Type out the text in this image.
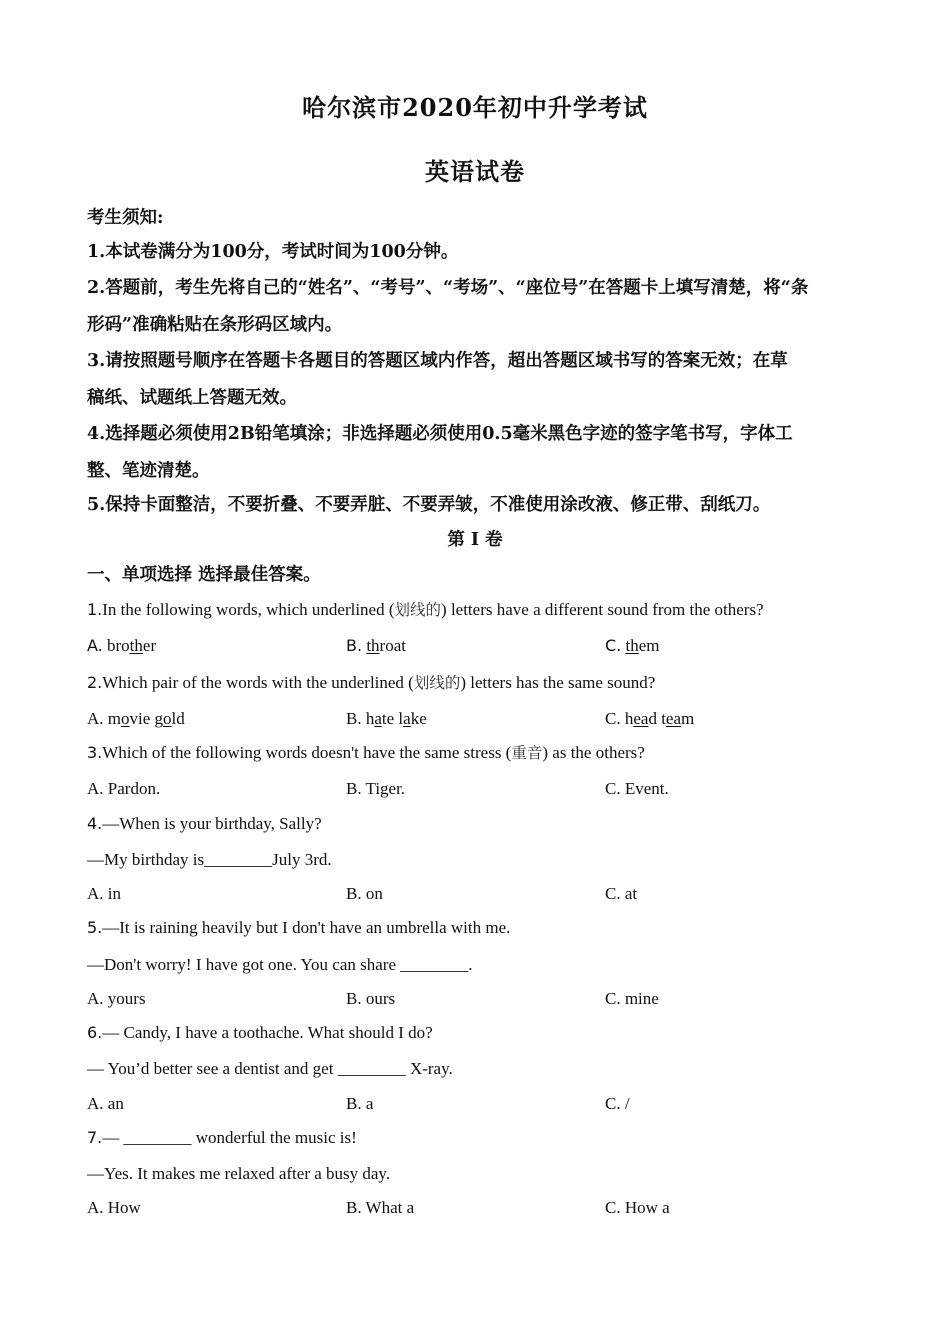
哈尔滨市2020年初中升学考试
英语试卷
考生须知:
1.本试卷满分为100分，考试时间为100分钟。
2.答题前，考生先将自己的“姓名”、“考号”、“考场”、“座位号”在答题卡上填写清楚，将“条
形码”准确粘贴在条形码区域内。
3.请按照题号顺序在答题卡各题目的答题区域内作答，超出答题区域书写的答案无效；在草
稿纸、试题纸上答题无效。
4.选择题必须使用2B铅笔填涂；非选择题必须使用0.5毫米黑色字迹的签字笔书写，字体工
整、笔迹清楚。
5.保持卡面整洁，不要折叠、不要弄脏、不要弄皱，不准使用涂改液、修正带、刮纸刀。
第 I 卷
一、单项选择 选择最佳答案。
1.In the following words, which underlined (划线的) letters have a different sound from the others?
A. brother	B. throat	C. them
2.Which pair of the words with the underlined (划线的) letters has the same sound?
A. movie gold	B. hate lake	C. head team
3.Which of the following words doesn't have the same stress (重音) as the others?
A. Pardon.	B. Tiger.	C. Event.
4.—When is your birthday, Sally?
—My birthday is________July 3rd.
A. in	B. on	C. at
5.—It is raining heavily but I don't have an umbrella with me.
—Don't worry! I have got one. You can share ________.
A. yours	B. ours	C. mine
6.— Candy, I have a toothache. What should I do?
— You’d better see a dentist and get ________ X-ray.
A. an	B. a	C. /
7.— ________ wonderful the music is!
—Yes. It makes me relaxed after a busy day.
A. How	B. What a	C. How a
